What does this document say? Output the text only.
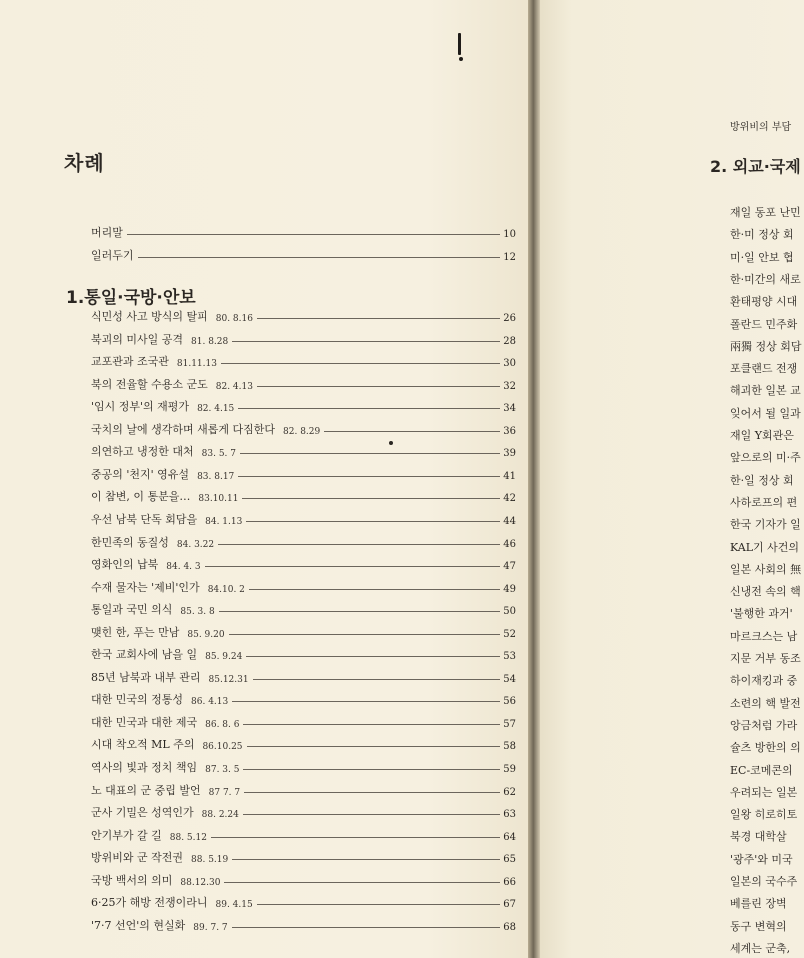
차례
머리말	10
일러두기	12
1.통일·국방·안보
식민성 사고 방식의 탈피 80. 8.16	26
북괴의 미사일 공격 81. 8.28	28
교포관과 조국관 81.11.13	30
북의 전율할 수용소 군도 82. 4.13	32
'임시 정부'의 재평가 82. 4.15	34
국치의 날에 생각하며 새롭게 다짐한다 82. 8.29	36
의연하고 냉정한 대처 83. 5. 7	39
중공의 '천지' 영유설 83. 8.17	41
이 참변, 이 통분을… 83.10.11	42
우선 남북 단독 회담을 84. 1.13	44
한민족의 동질성 84. 3.22	46
영화인의 납북 84. 4. 3	47
수재 물자는 '제비'인가 84.10. 2	49
통일과 국민 의식 85. 3. 8	50
맺힌 한, 푸는 만남 85. 9.20	52
한국 교회사에 남을 일 85. 9.24	53
85년 남북과 내부 관리 85.12.31	54
대한 민국의 정통성 86. 4.13	56
대한 민국과 대한 제국 86. 8. 6	57
시대 착오적 ML 주의 86.10.25	58
역사의 빛과 정치 책임 87. 3. 5	59
노 대표의 군 중립 발언 87 7. 7	62
군사 기밀은 성역인가 88. 2.24	63
안기부가 갈 길 88. 5.12	64
방위비와 군 작전권 88. 5.19	65
국방 백서의 의미 88.12.30	66
6·25가 해방 전쟁이라니 89. 4.15	67
'7·7 선언'의 현실화 89. 7. 7	68
방위비의 부담
2. 외교·국제
재일 동포 난민
한·미 정상 회
미·일 안보 협
한·미간의 새로
환태평양 시대
폴란드 민주화
兩獨 정상 회담
포클랜드 전쟁
해괴한 일본 교
잊어서 될 일과
재일 Y회관은
앞으로의 미·주
한·일 정상 회
사하로프의 편
한국 기자가 일
KAL기 사건의
일본 사회의 無
신냉전 속의 핵
'불행한 과거'
마르크스는 남
지문 거부 동조
하이재킹과 중
소련의 핵 발전
앙금처럼 가라
슐츠 방한의 의
EC-코메콘의
우려되는 일본
일왕 히로히토
북경 대학살
'광주'와 미국
일본의 국수주
베를린 장벽
동구 변혁의
세계는 군축,
